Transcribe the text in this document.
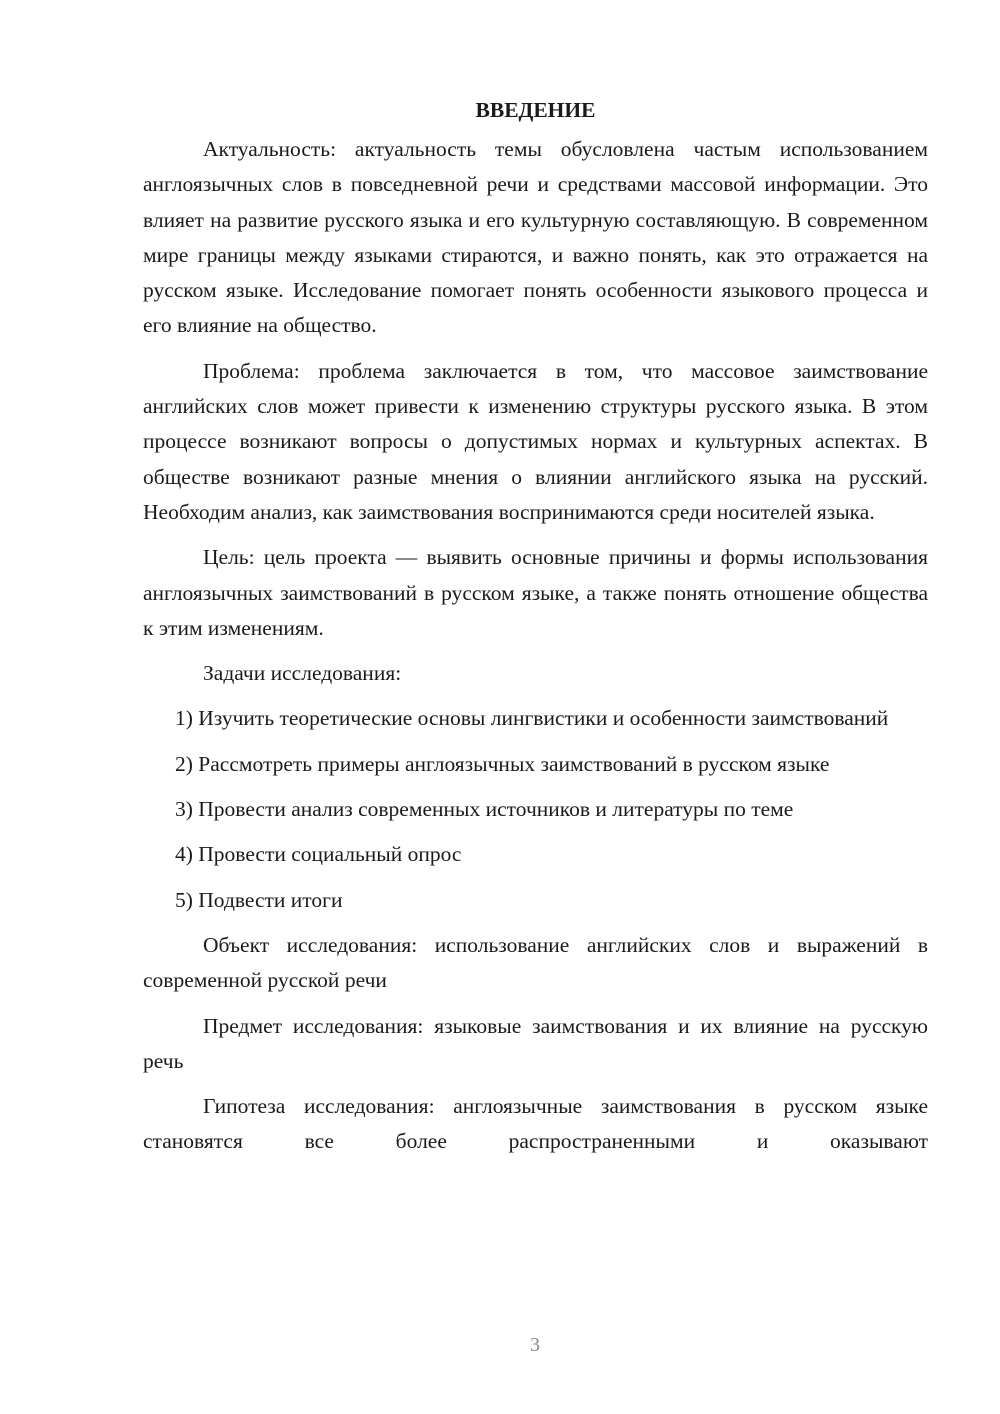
ВВЕДЕНИЕ

Актуальность: актуальность темы обусловлена частым использованием англоязычных слов в повседневной речи и средствами массовой информации. Это влияет на развитие русского языка и его культурную составляющую. В современном мире границы между языками стираются, и важно понять, как это отражается на русском языке. Исследование помогает понять особенности языкового процесса и его влияние на общество.

Проблема: проблема заключается в том, что массовое заимствование английских слов может привести к изменению структуры русского языка. В этом процессе возникают вопросы о допустимых нормах и культурных аспектах. В обществе возникают разные мнения о влиянии английского языка на русский. Необходим анализ, как заимствования воспринимаются среди носителей языка.

Цель: цель проекта — выявить основные причины и формы использования англоязычных заимствований в русском языке, а также понять отношение общества к этим изменениям.

Задачи исследования:

1) Изучить теоретические основы лингвистики и особенности заимствований

2) Рассмотреть примеры англоязычных заимствований в русском языке

3) Провести анализ современных источников и литературы по теме

4) Провести социальный опрос

5) Подвести итоги

Объект исследования: использование английских слов и выражений в современной русской речи

Предмет исследования: языковые заимствования и их влияние на русскую речь

Гипотеза исследования: англоязычные заимствования в русском языке становятся все более распространенными и оказывают

3
